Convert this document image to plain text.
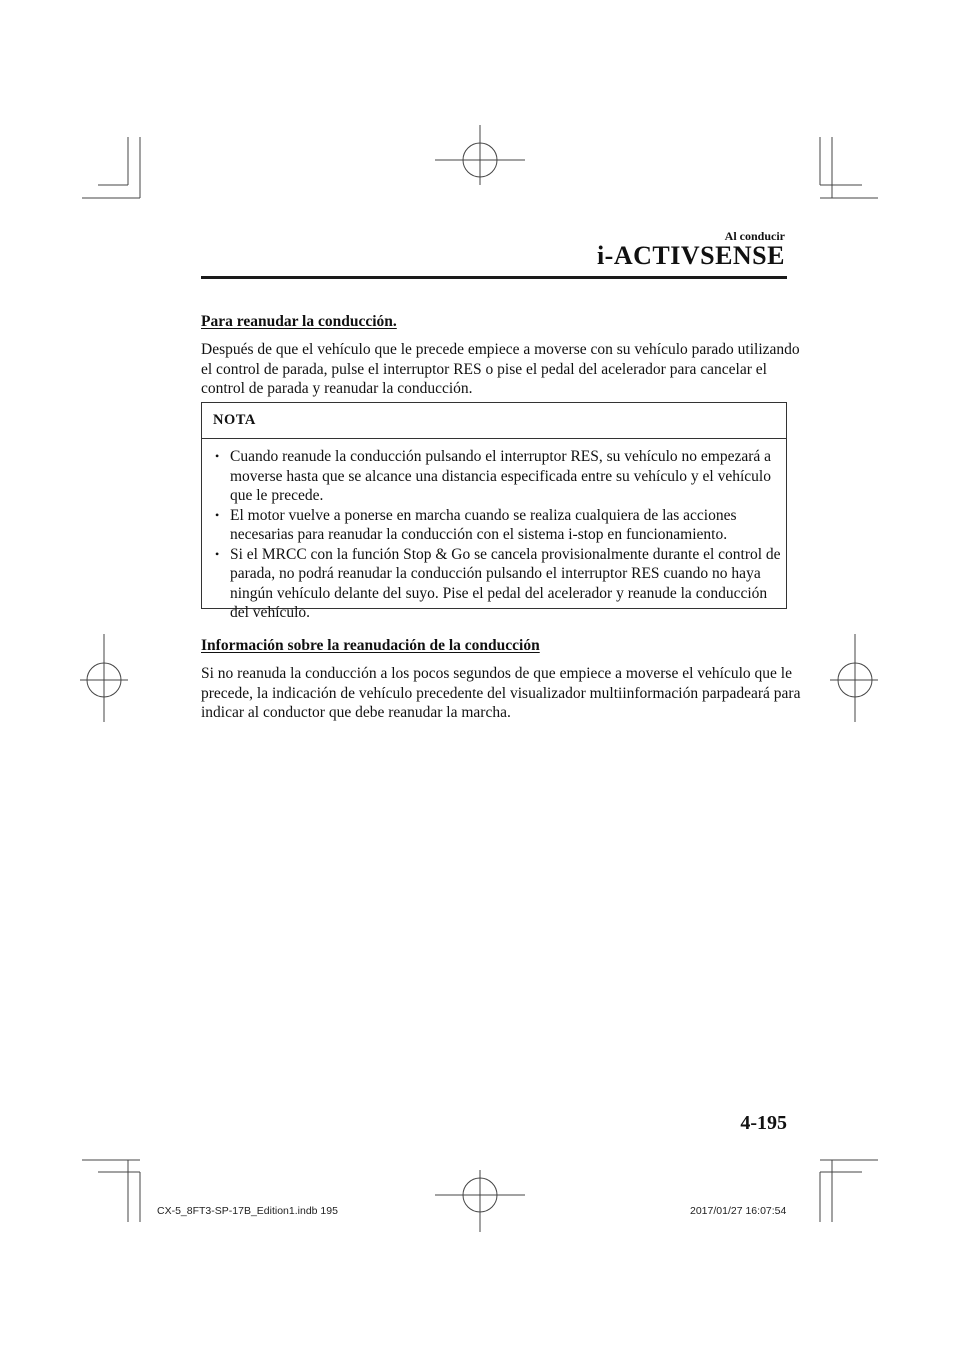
Al conducir
i-ACTIVSENSE
Para reanudar la conducción.
Después de que el vehículo que le precede empiece a moverse con su vehículo parado utilizando el control de parada, pulse el interruptor RES o pise el pedal del acelerador para cancelar el control de parada y reanudar la conducción.
NOTA
• Cuando reanude la conducción pulsando el interruptor RES, su vehículo no empezará a moverse hasta que se alcance una distancia especificada entre su vehículo y el vehículo que le precede.
• El motor vuelve a ponerse en marcha cuando se realiza cualquiera de las acciones necesarias para reanudar la conducción con el sistema i-stop en funcionamiento.
• Si el MRCC con la función Stop & Go se cancela provisionalmente durante el control de parada, no podrá reanudar la conducción pulsando el interruptor RES cuando no haya ningún vehículo delante del suyo. Pise el pedal del acelerador y reanude la conducción del vehículo.
Información sobre la reanudación de la conducción
Si no reanuda la conducción a los pocos segundos de que empiece a moverse el vehículo que le precede, la indicación de vehículo precedente del visualizador multiinformación parpadeará para indicar al conductor que debe reanudar la marcha.
4-195
CX-5_8FT3-SP-17B_Edition1.indb 195	2017/01/27 16:07:54
